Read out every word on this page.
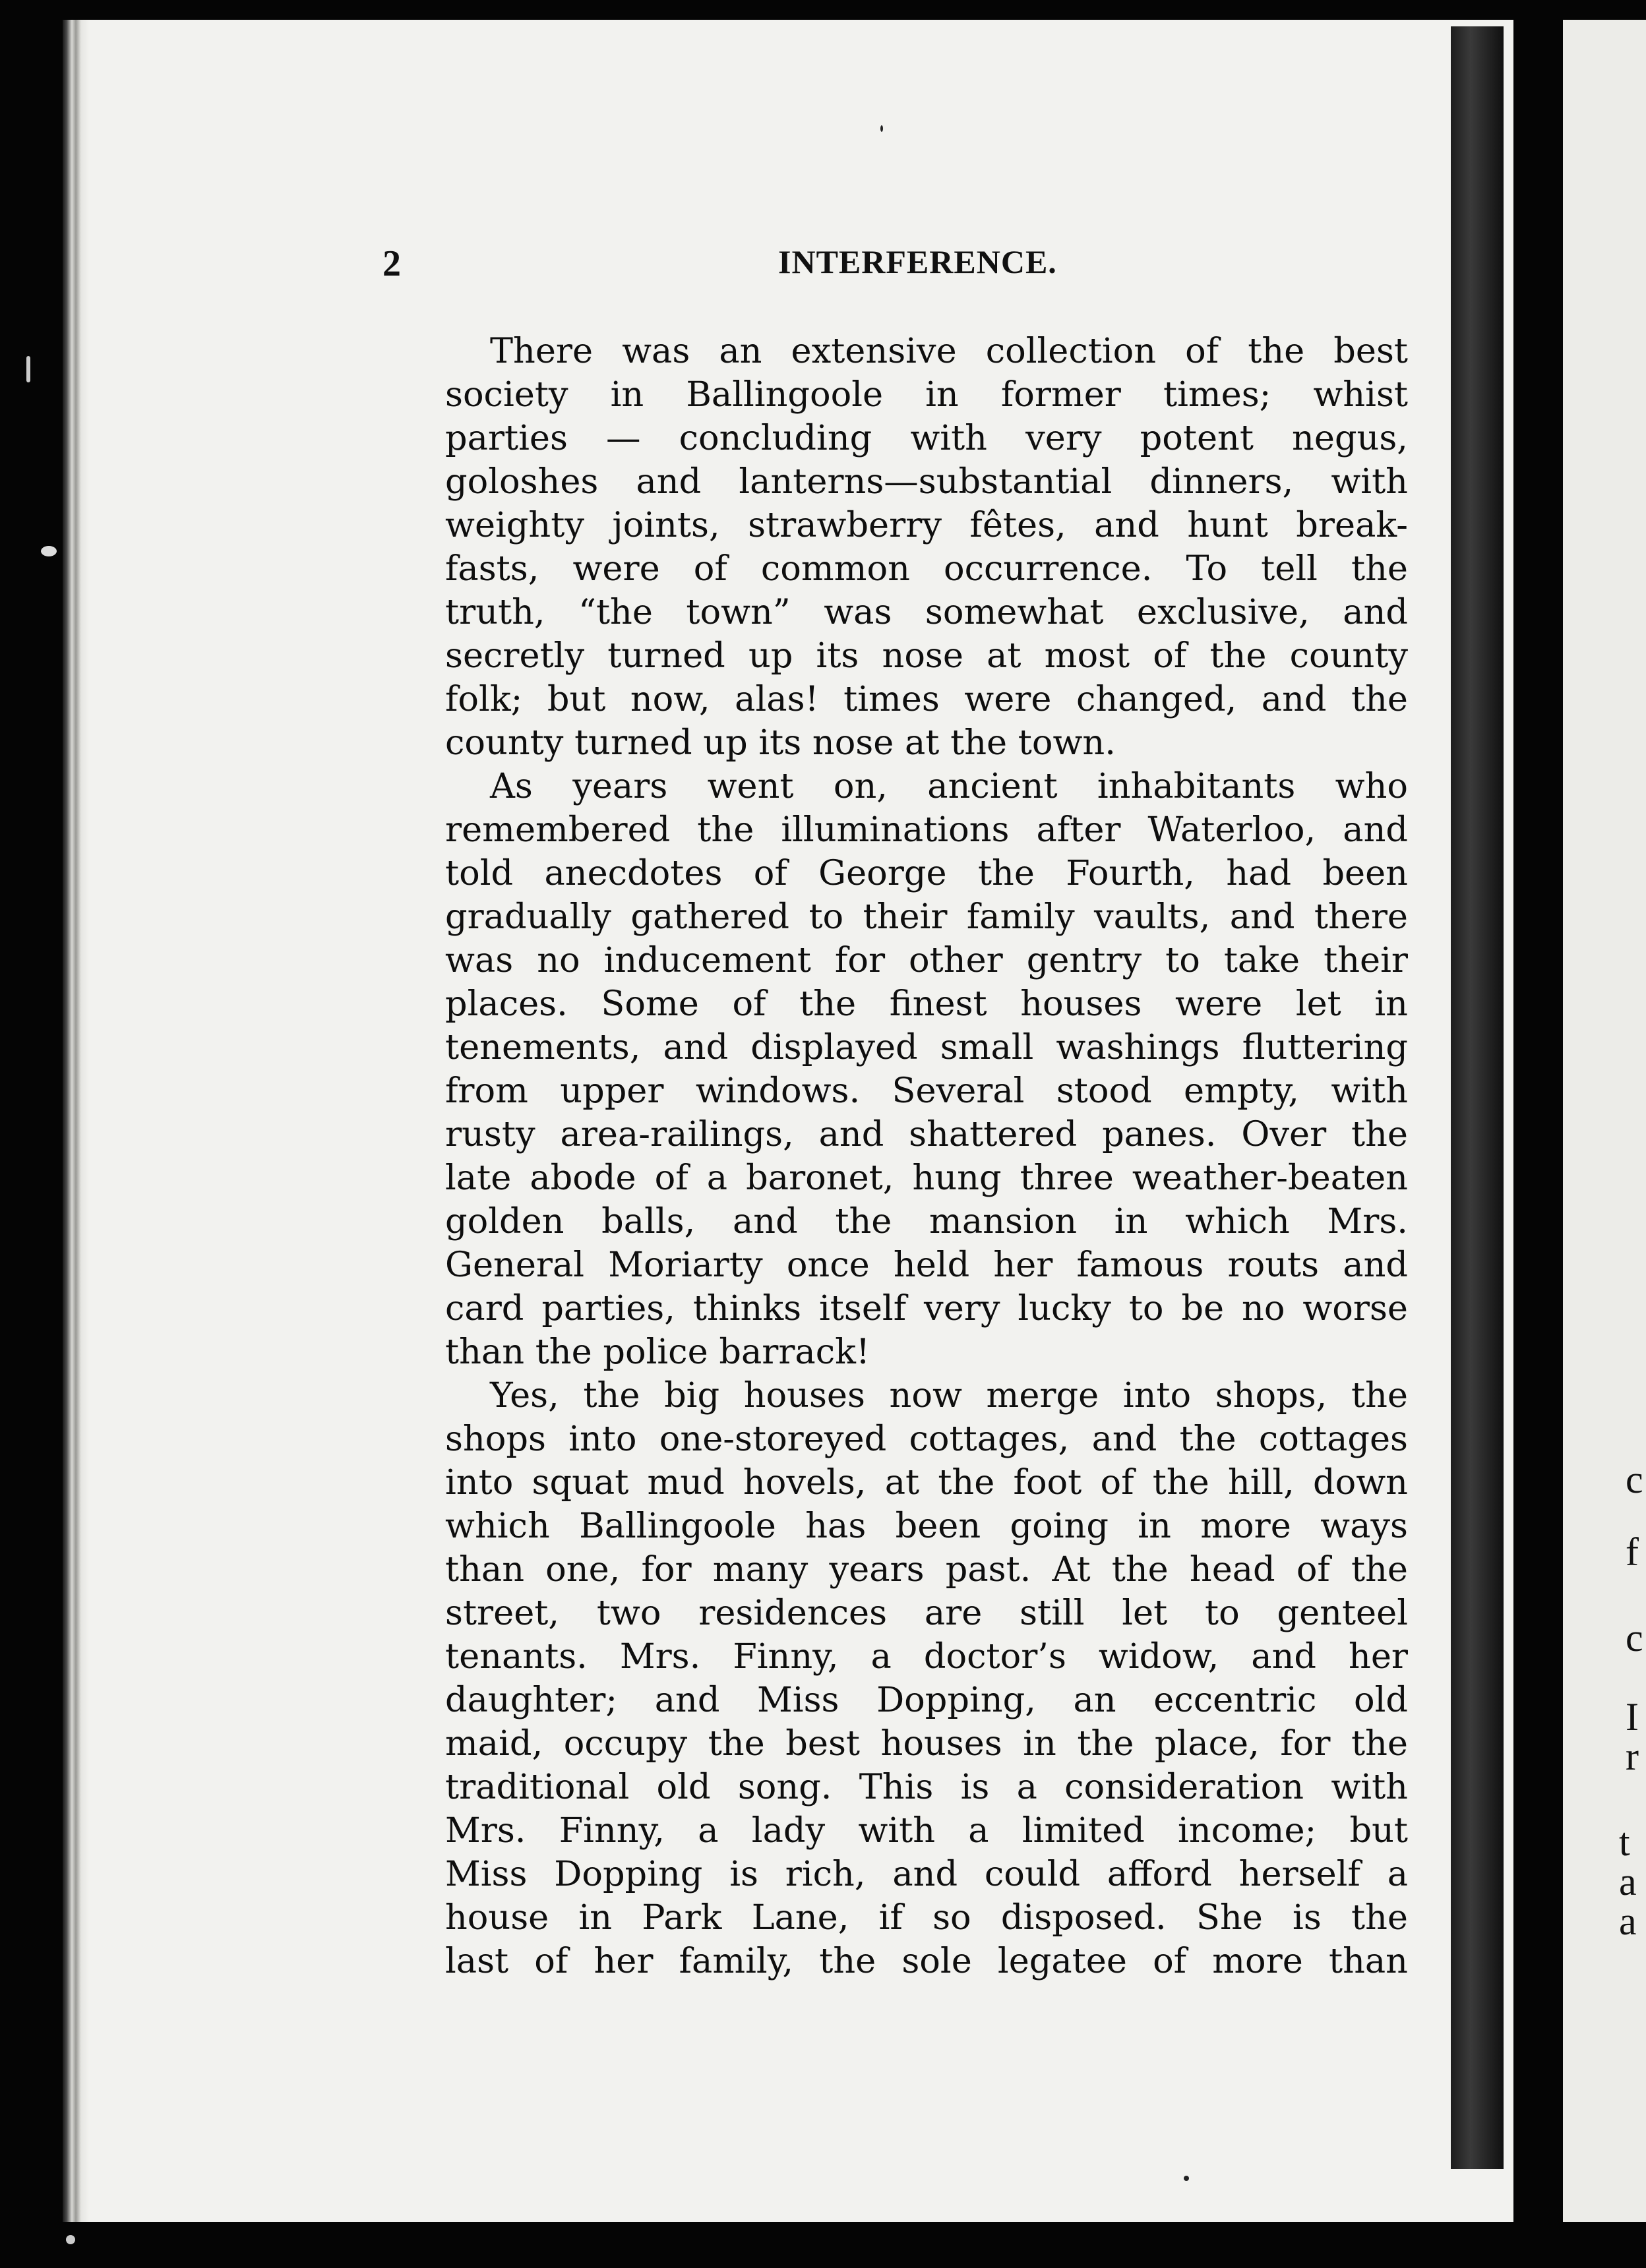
2	INTERFERENCE.
There was an extensive collection of the best
society in Ballingoole in former times; whist
parties — concluding with very potent negus,
goloshes and lanterns—substantial dinners, with
weighty joints, strawberry fêtes, and hunt break-
fasts, were of common occurrence. To tell the
truth, “the town” was somewhat exclusive, and
secretly turned up its nose at most of the county
folk; but now, alas! times were changed, and the
county turned up its nose at the town.
As years went on, ancient inhabitants who
remembered the illuminations after Waterloo, and
told anecdotes of George the Fourth, had been
gradually gathered to their family vaults, and there
was no inducement for other gentry to take their
places. Some of the finest houses were let in
tenements, and displayed small washings fluttering
from upper windows. Several stood empty, with
rusty area-railings, and shattered panes. Over the
late abode of a baronet, hung three weather-beaten
golden balls, and the mansion in which Mrs.
General Moriarty once held her famous routs and
card parties, thinks itself very lucky to be no worse
than the police barrack!
Yes, the big houses now merge into shops, the
shops into one-storeyed cottages, and the cottages
into squat mud hovels, at the foot of the hill, down
which Ballingoole has been going in more ways
than one, for many years past. At the head of the
street, two residences are still let to genteel
tenants. Mrs. Finny, a doctor’s widow, and her
daughter; and Miss Dopping, an eccentric old
maid, occupy the best houses in the place, for the
traditional old song. This is a consideration with
Mrs. Finny, a lady with a limited income; but
Miss Dopping is rich, and could afford herself a
house in Park Lane, if so disposed. She is the
last of her family, the sole legatee of more than
c
f
c
I
r
t
a
a
